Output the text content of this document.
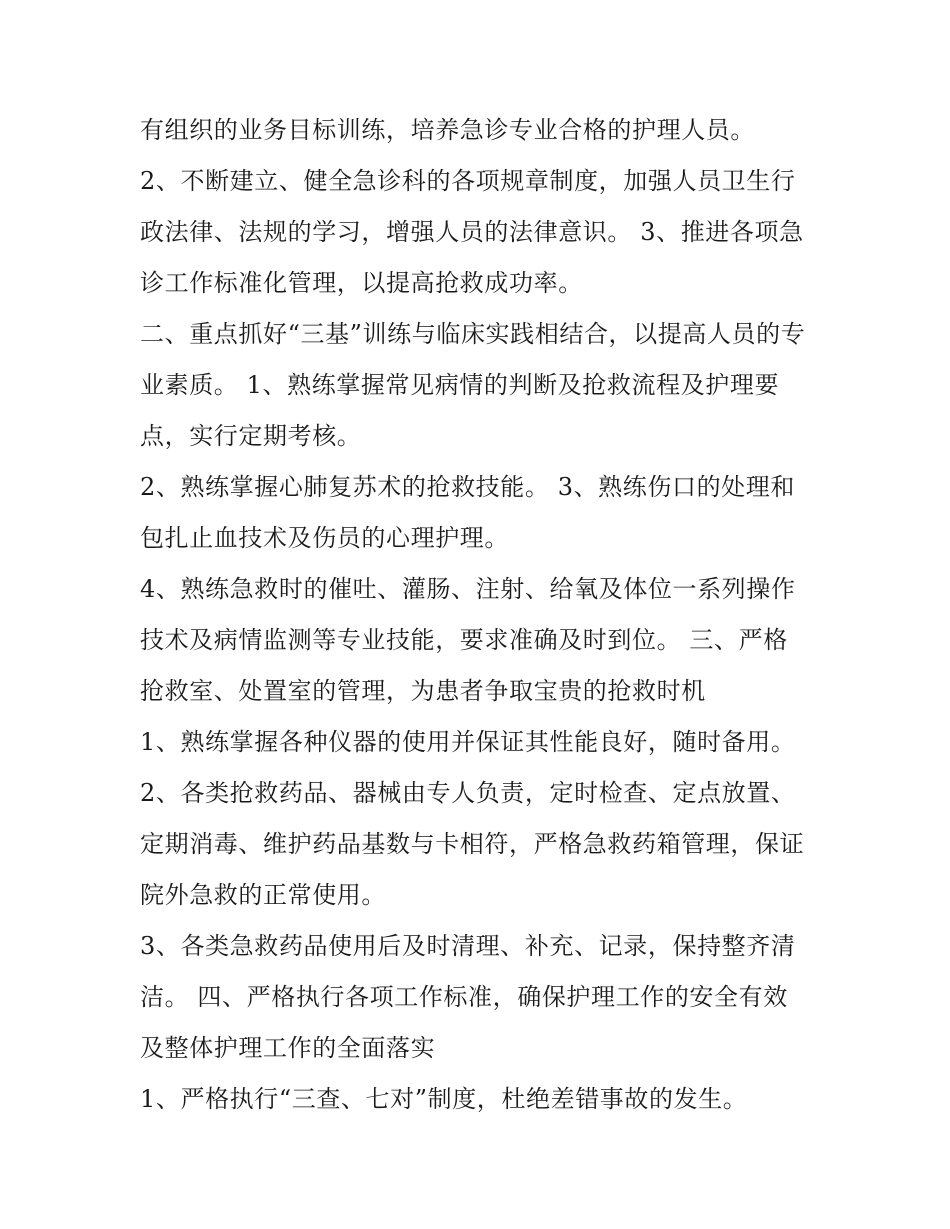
有组织的业务目标训练，培养急诊专业合格的护理人员。

2、不断建立、健全急诊科的各项规章制度，加强人员卫生行

政法律、法规的学习，增强人员的法律意识。 3、推进各项急

诊工作标准化管理，以提高抢救成功率。

二、重点抓好“三基”训练与临床实践相结合，以提高人员的专

业素质。 1、熟练掌握常见病情的判断及抢救流程及护理要

点，实行定期考核。

2、熟练掌握心肺复苏术的抢救技能。 3、熟练伤口的处理和

包扎止血技术及伤员的心理护理。

4、熟练急救时的催吐、灌肠、注射、给氧及体位一系列操作

技术及病情监测等专业技能，要求准确及时到位。 三、严格

抢救室、处置室的管理，为患者争取宝贵的抢救时机

1、熟练掌握各种仪器的使用并保证其性能良好，随时备用。

2、各类抢救药品、器械由专人负责，定时检查、定点放置、

定期消毒、维护药品基数与卡相符，严格急救药箱管理，保证

院外急救的正常使用。

3、各类急救药品使用后及时清理、补充、记录，保持整齐清

洁。 四、严格执行各项工作标准，确保护理工作的安全有效

及整体护理工作的全面落实

1、严格执行“三查、七对”制度，杜绝差错事故的发生。
